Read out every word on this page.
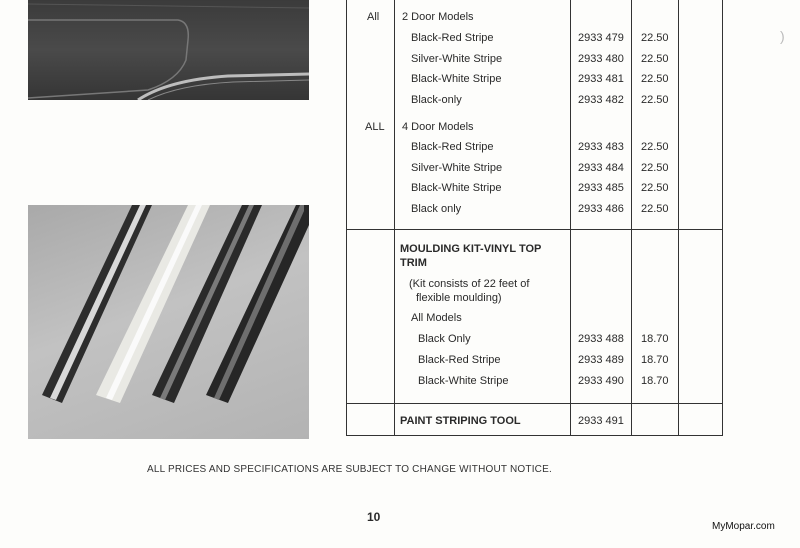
All 2 Door Models
Black-Red Stripe	2933 479 22.50
Silver-White Stripe	2933 480 22.50
Black-White Stripe	2933 481 22.50
Black-only	2933 482 22.50
ALL 4 Door Models
Black-Red Stripe	2933 483 22.50
Silver-White Stripe	2933 484 22.50
Black-White Stripe	2933 485 22.50
Black only	2933 486 22.50
MOULDING KIT-VINYL TOP
TRIM
(Kit consists of 22 feet of
flexible moulding)
All Models
Black Only	2933 488 18.70
Black-Red Stripe	2933 489 18.70
Black-White Stripe	2933 490 18.70
PAINT STRIPING TOOL	2933 491
ALL PRICES AND SPECIFICATIONS ARE SUBJECT TO CHANGE WITHOUT NOTICE.
10
MyMopar.com
)
